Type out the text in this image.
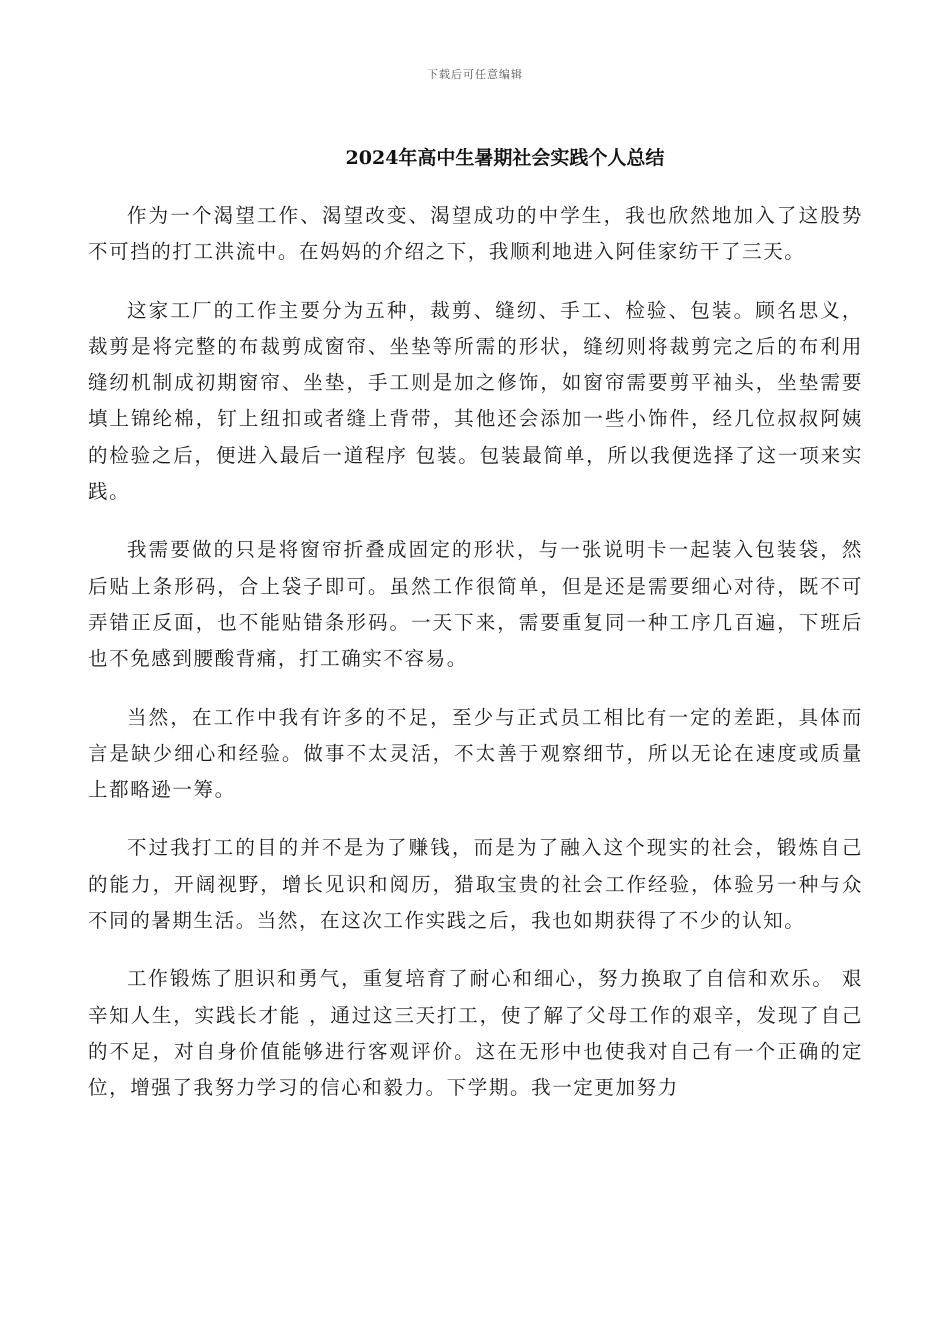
下载后可任意编辑
2024年高中生暑期社会实践个人总结

作为一个渴望工作、渴望改变、渴望成功的中学生，我也欣然地加入了这股势不可挡的打工洪流中。在妈妈的介绍之下，我顺利地进入阿佳家纺干了三天。

这家工厂的工作主要分为五种，裁剪、缝纫、手工、检验、包装。顾名思义，裁剪是将完整的布裁剪成窗帘、坐垫等所需的形状，缝纫则将裁剪完之后的布利用缝纫机制成初期窗帘、坐垫，手工则是加之修饰，如窗帘需要剪平袖头，坐垫需要填上锦纶棉，钉上纽扣或者缝上背带，其他还会添加一些小饰件，经几位叔叔阿姨的检验之后，便进入最后一道程序 包装。包装最简单，所以我便选择了这一项来实践。

我需要做的只是将窗帘折叠成固定的形状，与一张说明卡一起装入包装袋，然后贴上条形码，合上袋子即可。虽然工作很简单，但是还是需要细心对待，既不可弄错正反面，也不能贴错条形码。一天下来，需要重复同一种工序几百遍，下班后也不免感到腰酸背痛，打工确实不容易。

当然，在工作中我有许多的不足，至少与正式员工相比有一定的差距，具体而言是缺少细心和经验。做事不太灵活，不太善于观察细节，所以无论在速度或质量上都略逊一筹。

不过我打工的目的并不是为了赚钱，而是为了融入这个现实的社会，锻炼自己的能力，开阔视野，增长见识和阅历，猎取宝贵的社会工作经验，体验另一种与众不同的暑期生活。当然，在这次工作实践之后，我也如期获得了不少的认知。

工作锻炼了胆识和勇气，重复培育了耐心和细心，努力换取了自信和欢乐。 艰辛知人生，实践长才能 ，通过这三天打工，使了解了父母工作的艰辛，发现了自己的不足，对自身价值能够进行客观评价。这在无形中也使我对自己有一个正确的定位，增强了我努力学习的信心和毅力。下学期。我一定更加努力
